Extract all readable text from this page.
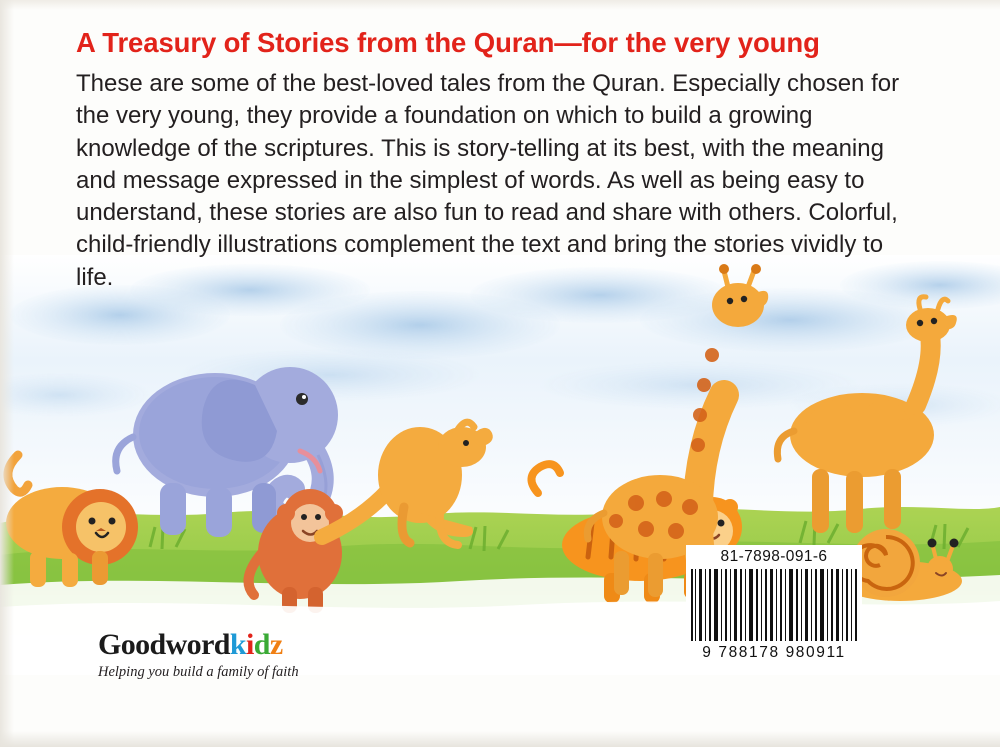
A Treasury of Stories from the Quran—for the very young

These are some of the best-loved tales from the Quran. Especially chosen for the very young, they provide a foundation on which to build a growing knowledge of the scriptures. This is story-telling at its best, with the meaning and message expressed in the simplest of words. As well as being easy to understand, these stories are also fun to read and share with others. Colorful, child-friendly illustrations complement the text and bring the stories vividly to life.

Goodwordkidz
Helping you build a family of faith
81-7898-091-6
9 788178 980911
